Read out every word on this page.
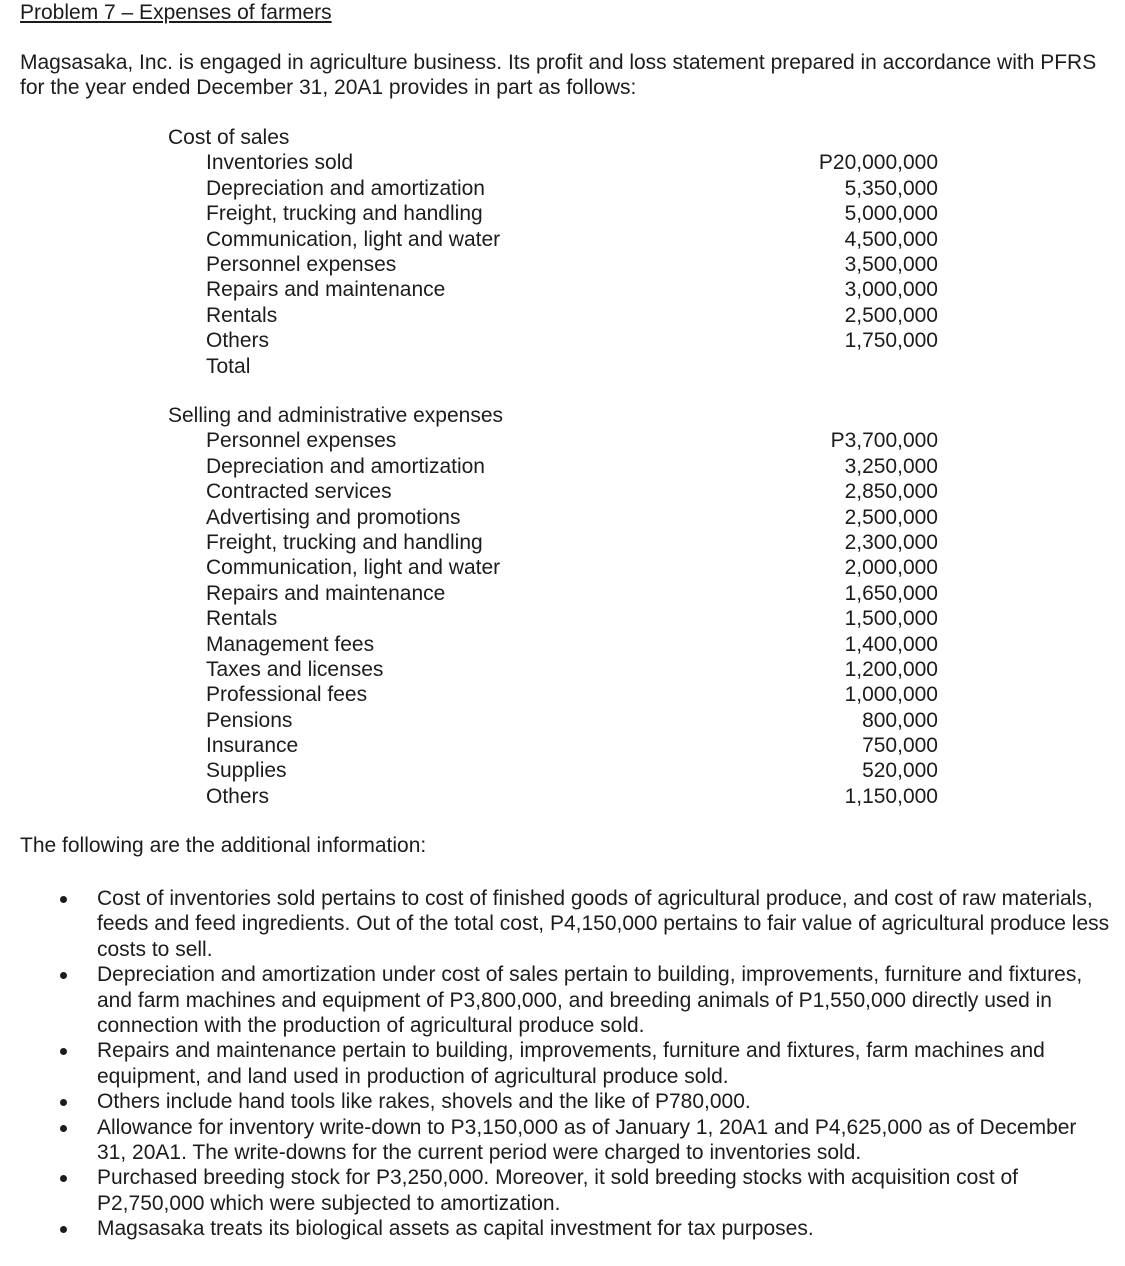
Problem 7 – Expenses of farmers

Magsasaka, Inc. is engaged in agriculture business. Its profit and loss statement prepared in accordance with PFRS for the year ended December 31, 20A1 provides in part as follows:

Cost of sales
Inventories sold	P20,000,000
Depreciation and amortization	5,350,000
Freight, trucking and handling	5,000,000
Communication, light and water	4,500,000
Personnel expenses	3,500,000
Repairs and maintenance	3,000,000
Rentals	2,500,000
Others	1,750,000
Total
Selling and administrative expenses
Personnel expenses	P3,700,000
Depreciation and amortization	3,250,000
Contracted services	2,850,000
Advertising and promotions	2,500,000
Freight, trucking and handling	2,300,000
Communication, light and water	2,000,000
Repairs and maintenance	1,650,000
Rentals	1,500,000
Management fees	1,400,000
Taxes and licenses	1,200,000
Professional fees	1,000,000
Pensions	800,000
Insurance	750,000
Supplies	520,000
Others	1,150,000
The following are the additional information:
Cost of inventories sold pertains to cost of finished goods of agricultural produce, and cost of raw materials, feeds and feed ingredients. Out of the total cost, P4,150,000 pertains to fair value of agricultural produce less costs to sell.
Depreciation and amortization under cost of sales pertain to building, improvements, furniture and fixtures, and farm machines and equipment of P3,800,000, and breeding animals of P1,550,000 directly used in connection with the production of agricultural produce sold.
Repairs and maintenance pertain to building, improvements, furniture and fixtures, farm machines and equipment, and land used in production of agricultural produce sold.
Others include hand tools like rakes, shovels and the like of P780,000.
Allowance for inventory write-down to P3,150,000 as of January 1, 20A1 and P4,625,000 as of December 31, 20A1. The write-downs for the current period were charged to inventories sold.
Purchased breeding stock for P3,250,000. Moreover, it sold breeding stocks with acquisition cost of P2,750,000 which were subjected to amortization.
Magsasaka treats its biological assets as capital investment for tax purposes.
